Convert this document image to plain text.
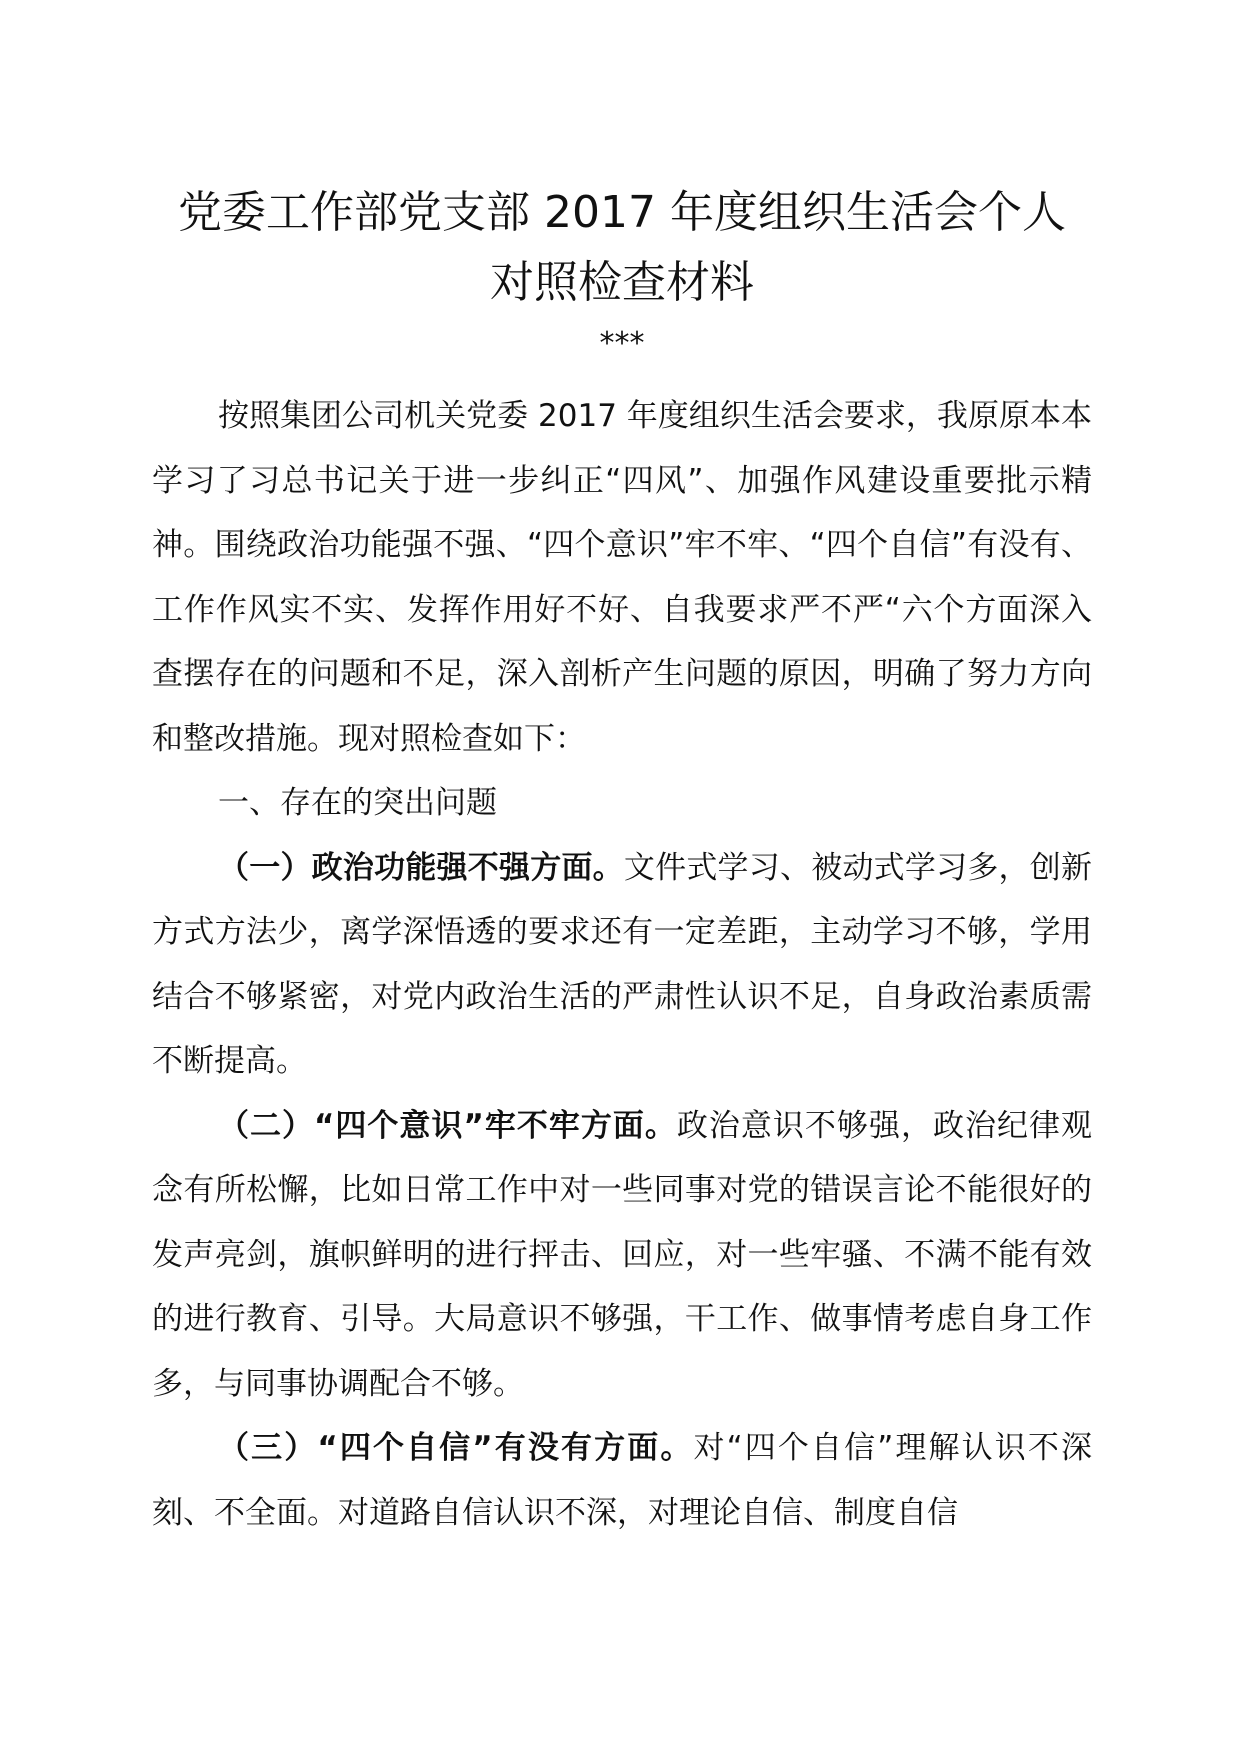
党委工作部党支部 2017 年度组织生活会个人
对照检查材料
***

按照集团公司机关党委 2017 年度组织生活会要求，我原原本本学习了习总书记关于进一步纠正“四风”、加强作风建设重要批示精神。围绕政治功能强不强、“四个意识”牢不牢、“四个自信”有没有、工作作风实不实、发挥作用好不好、自我要求严不严“六个方面深入查摆存在的问题和不足，深入剖析产生问题的原因，明确了努力方向和整改措施。现对照检查如下：

一、存在的突出问题

（一）政治功能强不强方面。文件式学习、被动式学习多，创新方式方法少，离学深悟透的要求还有一定差距，主动学习不够，学用结合不够紧密，对党内政治生活的严肃性认识不足，自身政治素质需不断提高。

（二）“四个意识”牢不牢方面。政治意识不够强，政治纪律观念有所松懈，比如日常工作中对一些同事对党的错误言论不能很好的发声亮剑，旗帜鲜明的进行抨击、回应，对一些牢骚、不满不能有效的进行教育、引导。大局意识不够强，干工作、做事情考虑自身工作多，与同事协调配合不够。

（三）“四个自信”有没有方面。对“四个自信”理解认识不深刻、不全面。对道路自信认识不深，对理论自信、制度自信
